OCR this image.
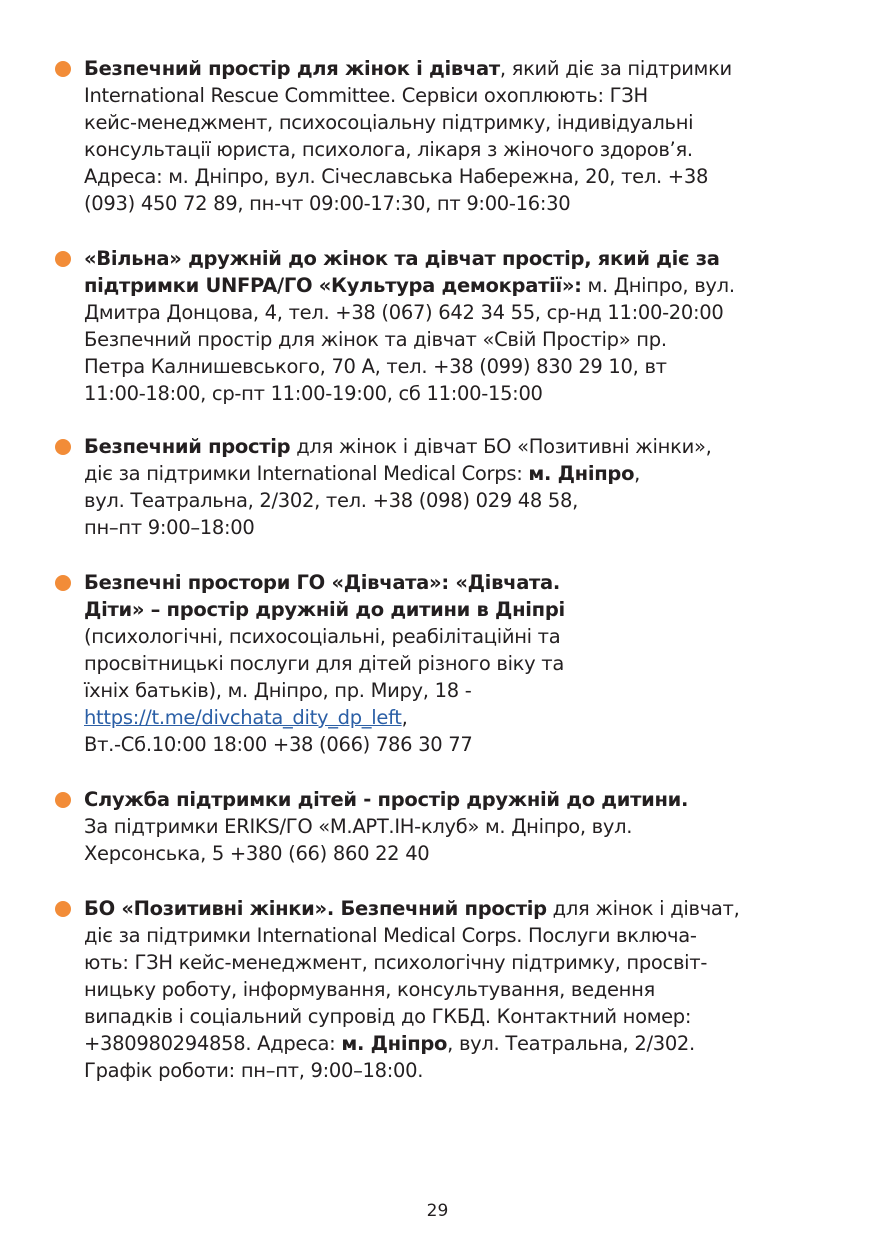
Безпечний простір для жінок і дівчат, який діє за підтримки
International Rescue Committee. Сервіси охоплюють: ГЗН
кейс-менеджмент, психосоціальну підтримку, індивідуальні
консультації юриста, психолога, лікаря з жіночого здоров’я.
Адреса: м. Дніпро, вул. Січеславська Набережна, 20, тел. +38
(093) 450 72 89, пн-чт 09:00-17:30, пт 9:00-16:30
«Вільна» дружній до жінок та дівчат простір, який діє за
підтримки UNFPA/ГО «Культура демократії»: м. Дніпро, вул.
Дмитра Донцова, 4, тел. +38 (067) 642 34 55, ср-нд 11:00-20:00
Безпечний простір для жінок та дівчат «Свій Простір» пр.
Петра Калнишевського, 70 А, тел. +38 (099) 830 29 10, вт
11:00-18:00, ср-пт 11:00-19:00, сб 11:00-15:00
Безпечний простір для жінок і дівчат БО «Позитивні жінки»,
діє за підтримки International Medical Corps: м. Дніпро,
вул. Театральна, 2/302, тел. +38 (098) 029 48 58,
пн–пт 9:00–18:00
Безпечні простори ГО «Дівчата»: «Дівчата.
Діти» – простір дружній до дитини в Дніпрі
(психологічні, психосоціальні, реабілітаційні та
просвітницькі послуги для дітей різного віку та
їхніх батьків), м. Дніпро, пр. Миру, 18 -
https://t.me/divchata_dity_dp_left,
Вт.-Сб.10:00 18:00 +38 (066) 786 30 77
Служба підтримки дітей - простір дружній до дитини.
За підтримки ERIKS/ГО «М.АРТ.ІН-клуб» м. Дніпро, вул.
Херсонська, 5 +380 (66) 860 22 40
БО «Позитивні жінки». Безпечний простір для жінок і дівчат,
діє за підтримки International Medical Corps. Послуги включа-
ють: ГЗН кейс-менеджмент, психологічну підтримку, просвіт-
ницьку роботу, інформування, консультування, ведення
випадків і соціальний супровід до ГКБД. Контактний номер:
+380980294858. Адреса: м. Дніпро, вул. Театральна, 2/302.
Графік роботи: пн–пт, 9:00–18:00.
29
